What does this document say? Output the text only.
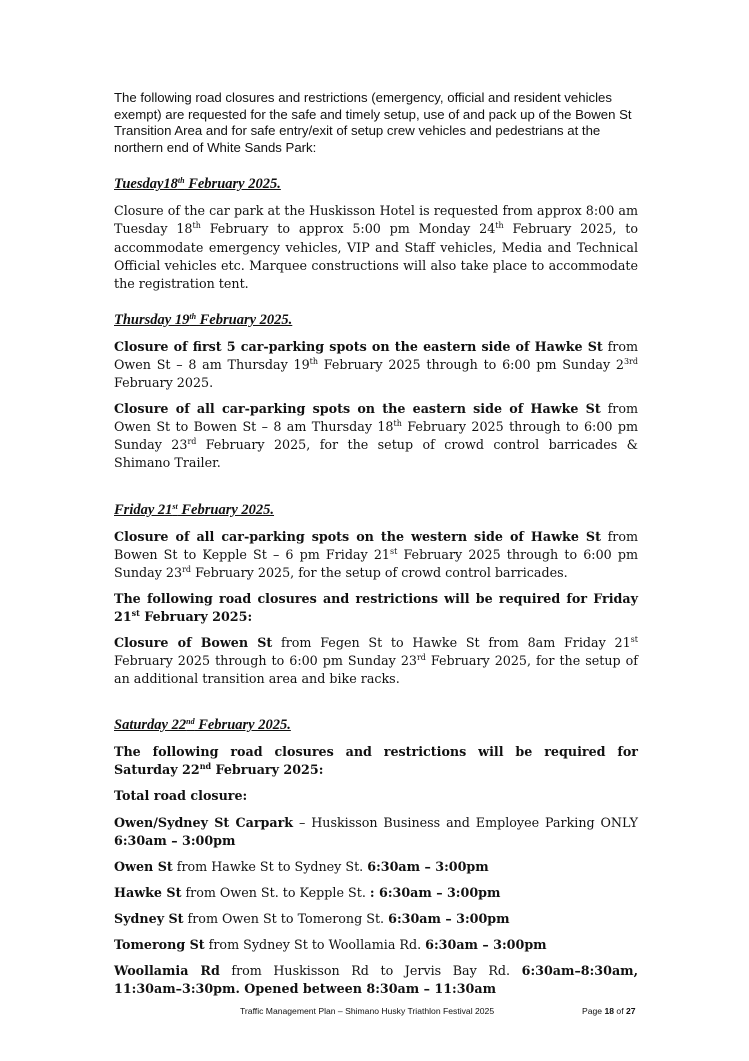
The following road closures and restrictions (emergency, official and resident vehicles exempt) are requested for the safe and timely setup, use of and pack up of the Bowen St Transition Area and for safe entry/exit of setup crew vehicles and pedestrians at the northern end of White Sands Park:

Tuesday18th February 2025.

Closure of the car park at the Huskisson Hotel is requested from approx 8:00 am Tuesday 18th February to approx 5:00 pm Monday 24th February 2025, to accommodate emergency vehicles, VIP and Staff vehicles, Media and Technical Official vehicles etc. Marquee constructions will also take place to accommodate the registration tent.

Thursday 19th February 2025.

Closure of first 5 car-parking spots on the eastern side of Hawke St from Owen St – 8 am Thursday 19th February 2025 through to 6:00 pm Sunday $2^{3rd}$ February 2025.

Closure of all car-parking spots on the eastern side of Hawke St from Owen St to Bowen St – 8 am Thursday 18th February 2025 through to 6:00 pm Sunday 23rd February 2025, for the setup of crowd control barricades & Shimano Trailer.

Friday 21st February 2025.

Closure of all car-parking spots on the western side of Hawke St from Bowen St to Kepple St – 6 pm Friday 21st February 2025 through to 6:00 pm Sunday 23rd February 2025, for the setup of crowd control barricades.

The following road closures and restrictions will be required for Friday 21st February 2025:

Closure of Bowen St from Fegen St to Hawke St from 8am Friday 21st February 2025 through to 6:00 pm Sunday 23rd February 2025, for the setup of an additional transition area and bike racks.

Saturday 22nd February 2025.

The following road closures and restrictions will be required for Saturday 22nd February 2025:

Total road closure:

Owen/Sydney St Carpark – Huskisson Business and Employee Parking ONLY 6:30am – 3:00pm

Owen St from Hawke St to Sydney St. 6:30am – 3:00pm

Hawke St from Owen St. to Kepple St. : 6:30am – 3:00pm

Sydney St from Owen St to Tomerong St. 6:30am – 3:00pm

Tomerong St from Sydney St to Woollamia Rd. 6:30am – 3:00pm

Woollamia Rd from Huskisson Rd to Jervis Bay Rd. 6:30am–8:30am, 11:30am–3:30pm. Opened between 8:30am – 11:30am

Traffic Management Plan – Shimano Husky Triathlon Festival 2025	Page 18 of 27
